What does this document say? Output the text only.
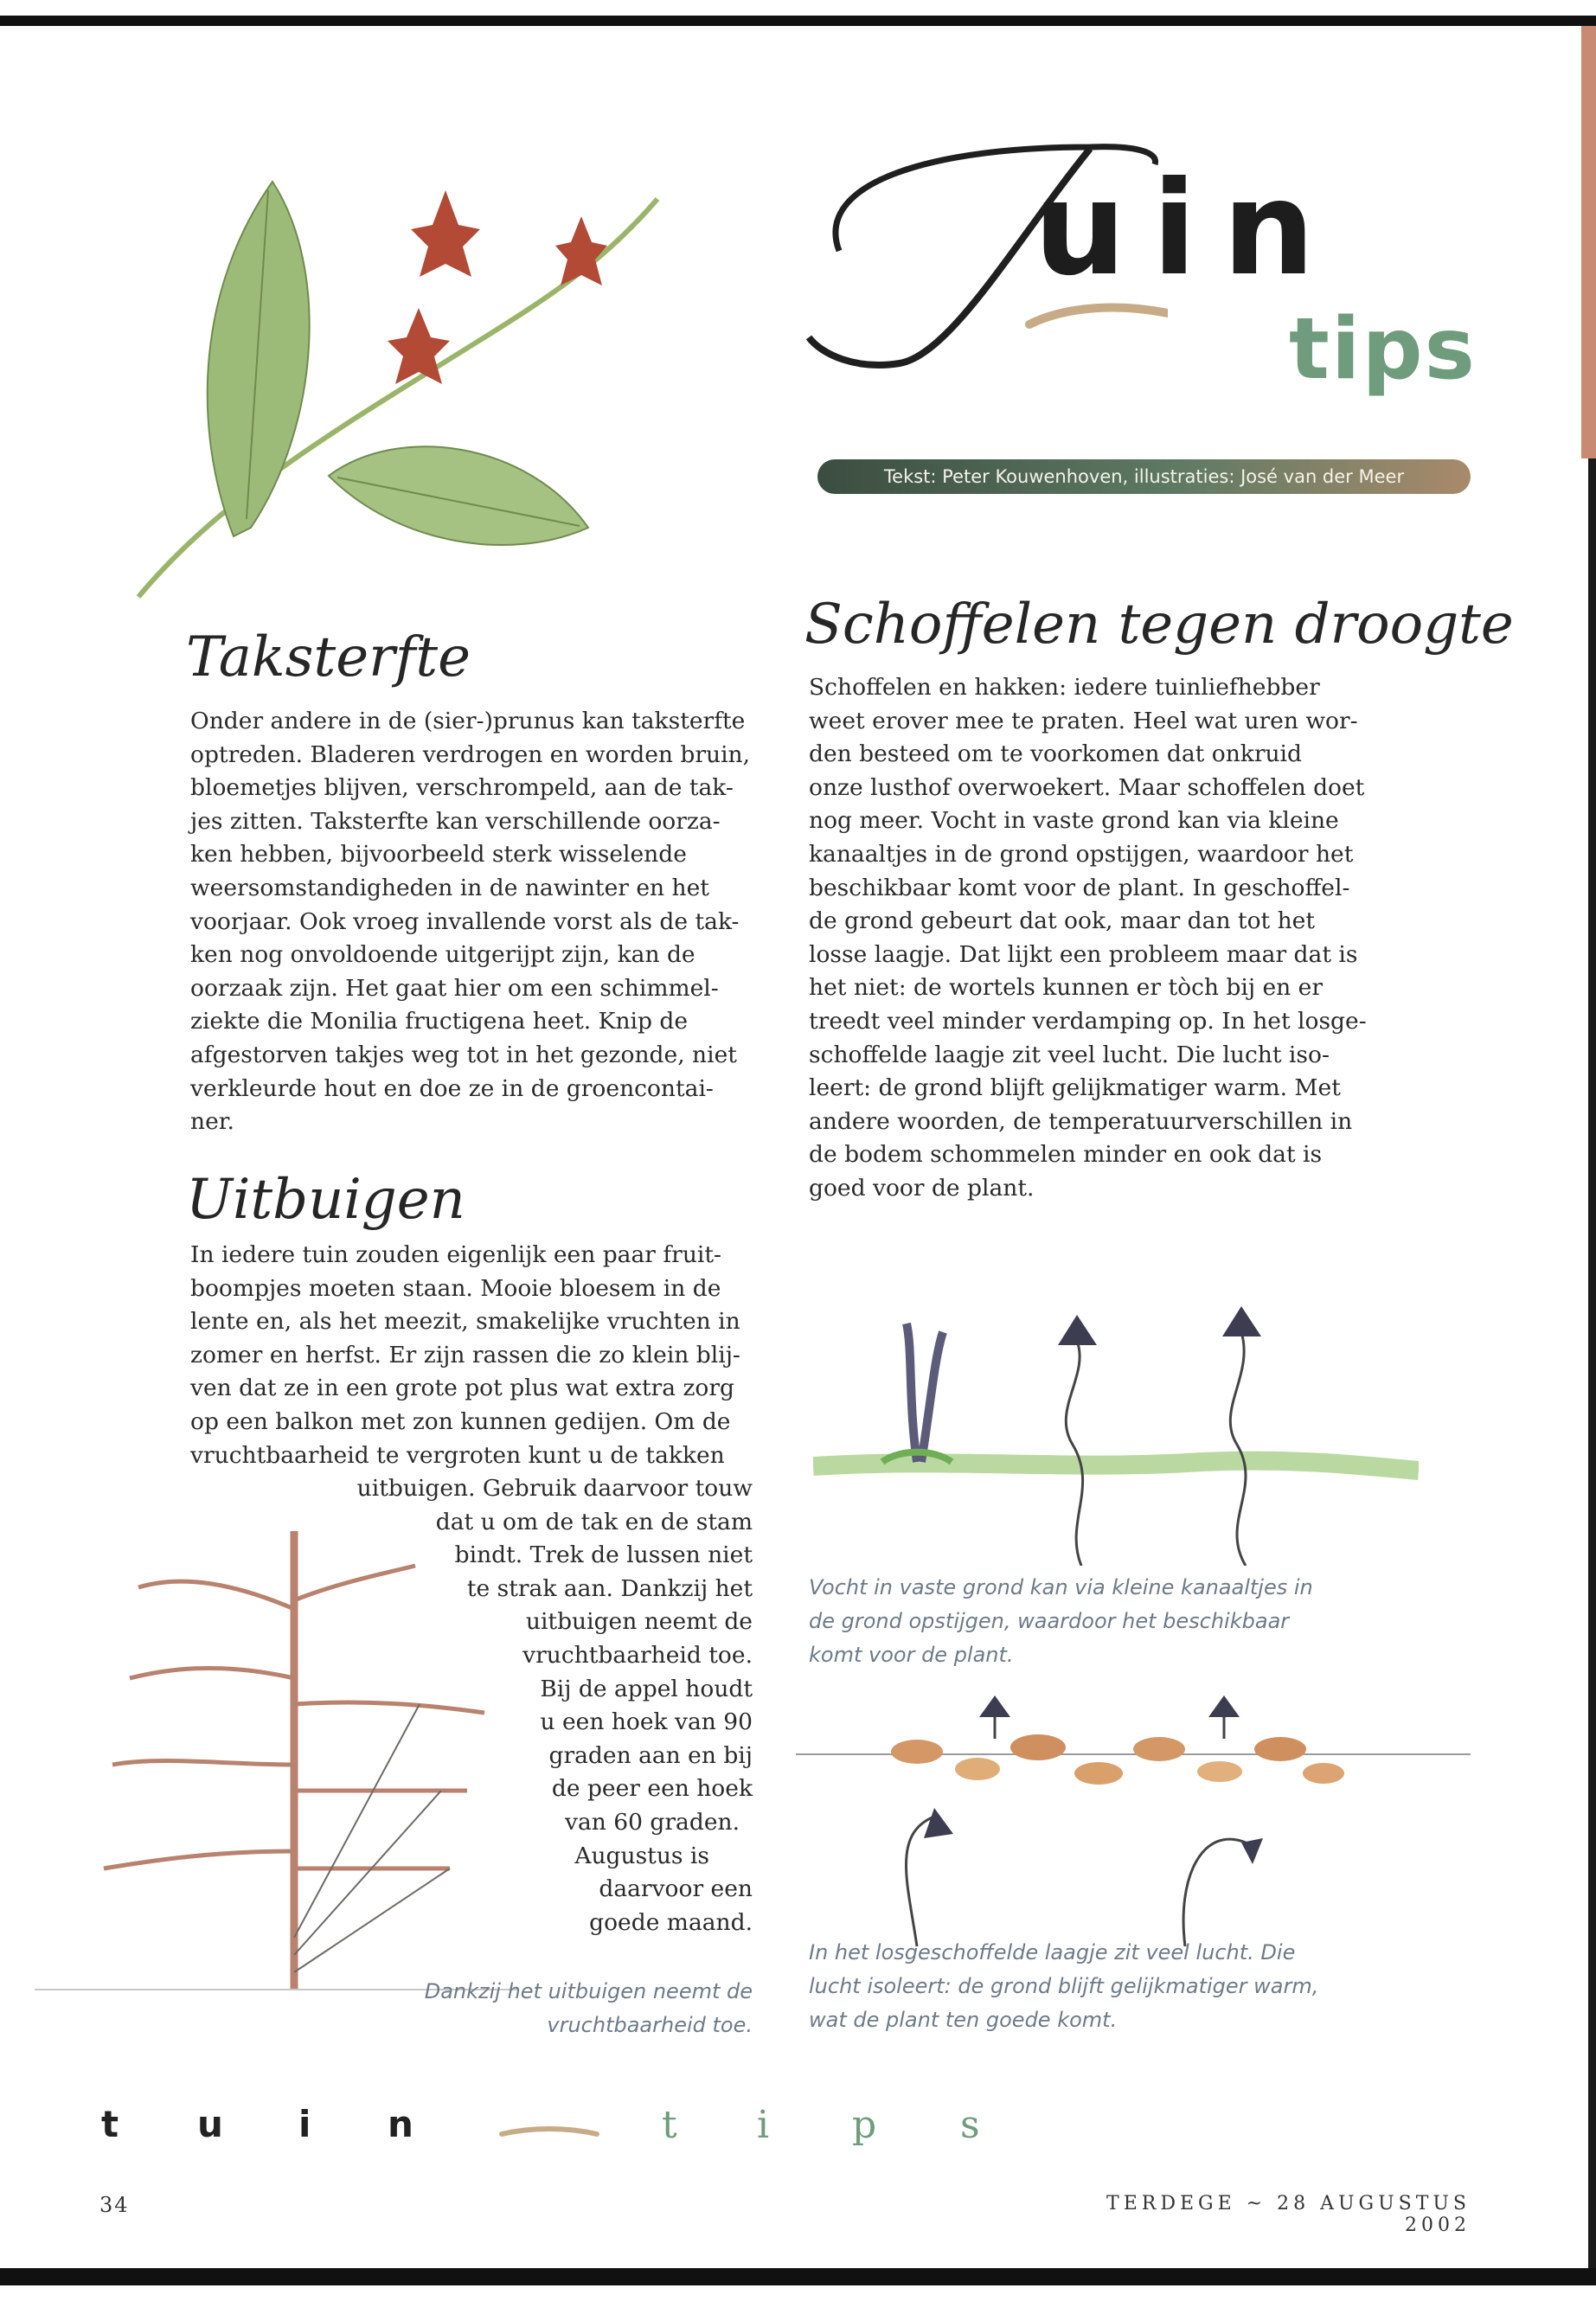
uin
tips
Tekst: Peter Kouwenhoven, illustraties: José van der Meer
Taksterfte

Onder andere in de (sier-)prunus kan taksterfte

optreden. Bladeren verdrogen en worden bruin,

bloemetjes blijven, verschrompeld, aan de tak-

jes zitten. Taksterfte kan verschillende oorza-

ken hebben, bijvoorbeeld sterk wisselende

weersomstandigheden in de nawinter en het

voorjaar. Ook vroeg invallende vorst als de tak-

ken nog onvoldoende uitgerijpt zijn, kan de

oorzaak zijn. Het gaat hier om een schimmel-

ziekte die Monilia fructigena heet. Knip de

afgestorven takjes weg tot in het gezonde, niet

verkleurde hout en doe ze in de groencontai-

ner.

Uitbuigen

In iedere tuin zouden eigenlijk een paar fruit-

boompjes moeten staan. Mooie bloesem in de

lente en, als het meezit, smakelijke vruchten in

zomer en herfst. Er zijn rassen die zo klein blij-

ven dat ze in een grote pot plus wat extra zorg

op een balkon met zon kunnen gedijen. Om de

vruchtbaarheid te vergroten kunt u de takken

uitbuigen. Gebruik daarvoor touw

dat u om de tak en de stam

bindt. Trek de lussen niet

te strak aan. Dankzij het

uitbuigen neemt de

vruchtbaarheid toe.

Bij de appel houdt

u een hoek van 90

graden aan en bij

de peer een hoek

van 60 graden.

Augustus is

daarvoor een

goede maand.

Dankzij het uitbuigen neemt de
vruchtbaarheid toe.
Schoffelen tegen droogte

Schoffelen en hakken: iedere tuinliefhebber

weet erover mee te praten. Heel wat uren wor-

den besteed om te voorkomen dat onkruid

onze lusthof overwoekert. Maar schoffelen doet

nog meer. Vocht in vaste grond kan via kleine

kanaaltjes in de grond opstijgen, waardoor het

beschikbaar komt voor de plant. In geschoffel-

de grond gebeurt dat ook, maar dan tot het

losse laagje. Dat lijkt een probleem maar dat is

het niet: de wortels kunnen er tòch bij en er

treedt veel minder verdamping op. In het losge-

schoffelde laagje zit veel lucht. Die lucht iso-

leert: de grond blijft gelijkmatiger warm. Met

andere woorden, de temperatuurverschillen in

de bodem schommelen minder en ook dat is

goed voor de plant.

Vocht in vaste grond kan via kleine kanaaltjes in
de grond opstijgen, waardoor het beschikbaar
komt voor de plant.
In het losgeschoffelde laagje zit veel lucht. Die
lucht isoleert: de grond blijft gelijkmatiger warm,
wat de plant ten goede komt.
t u i n	t i p s
34	TERDEGE ~ 28 AUGUSTUS 2002
